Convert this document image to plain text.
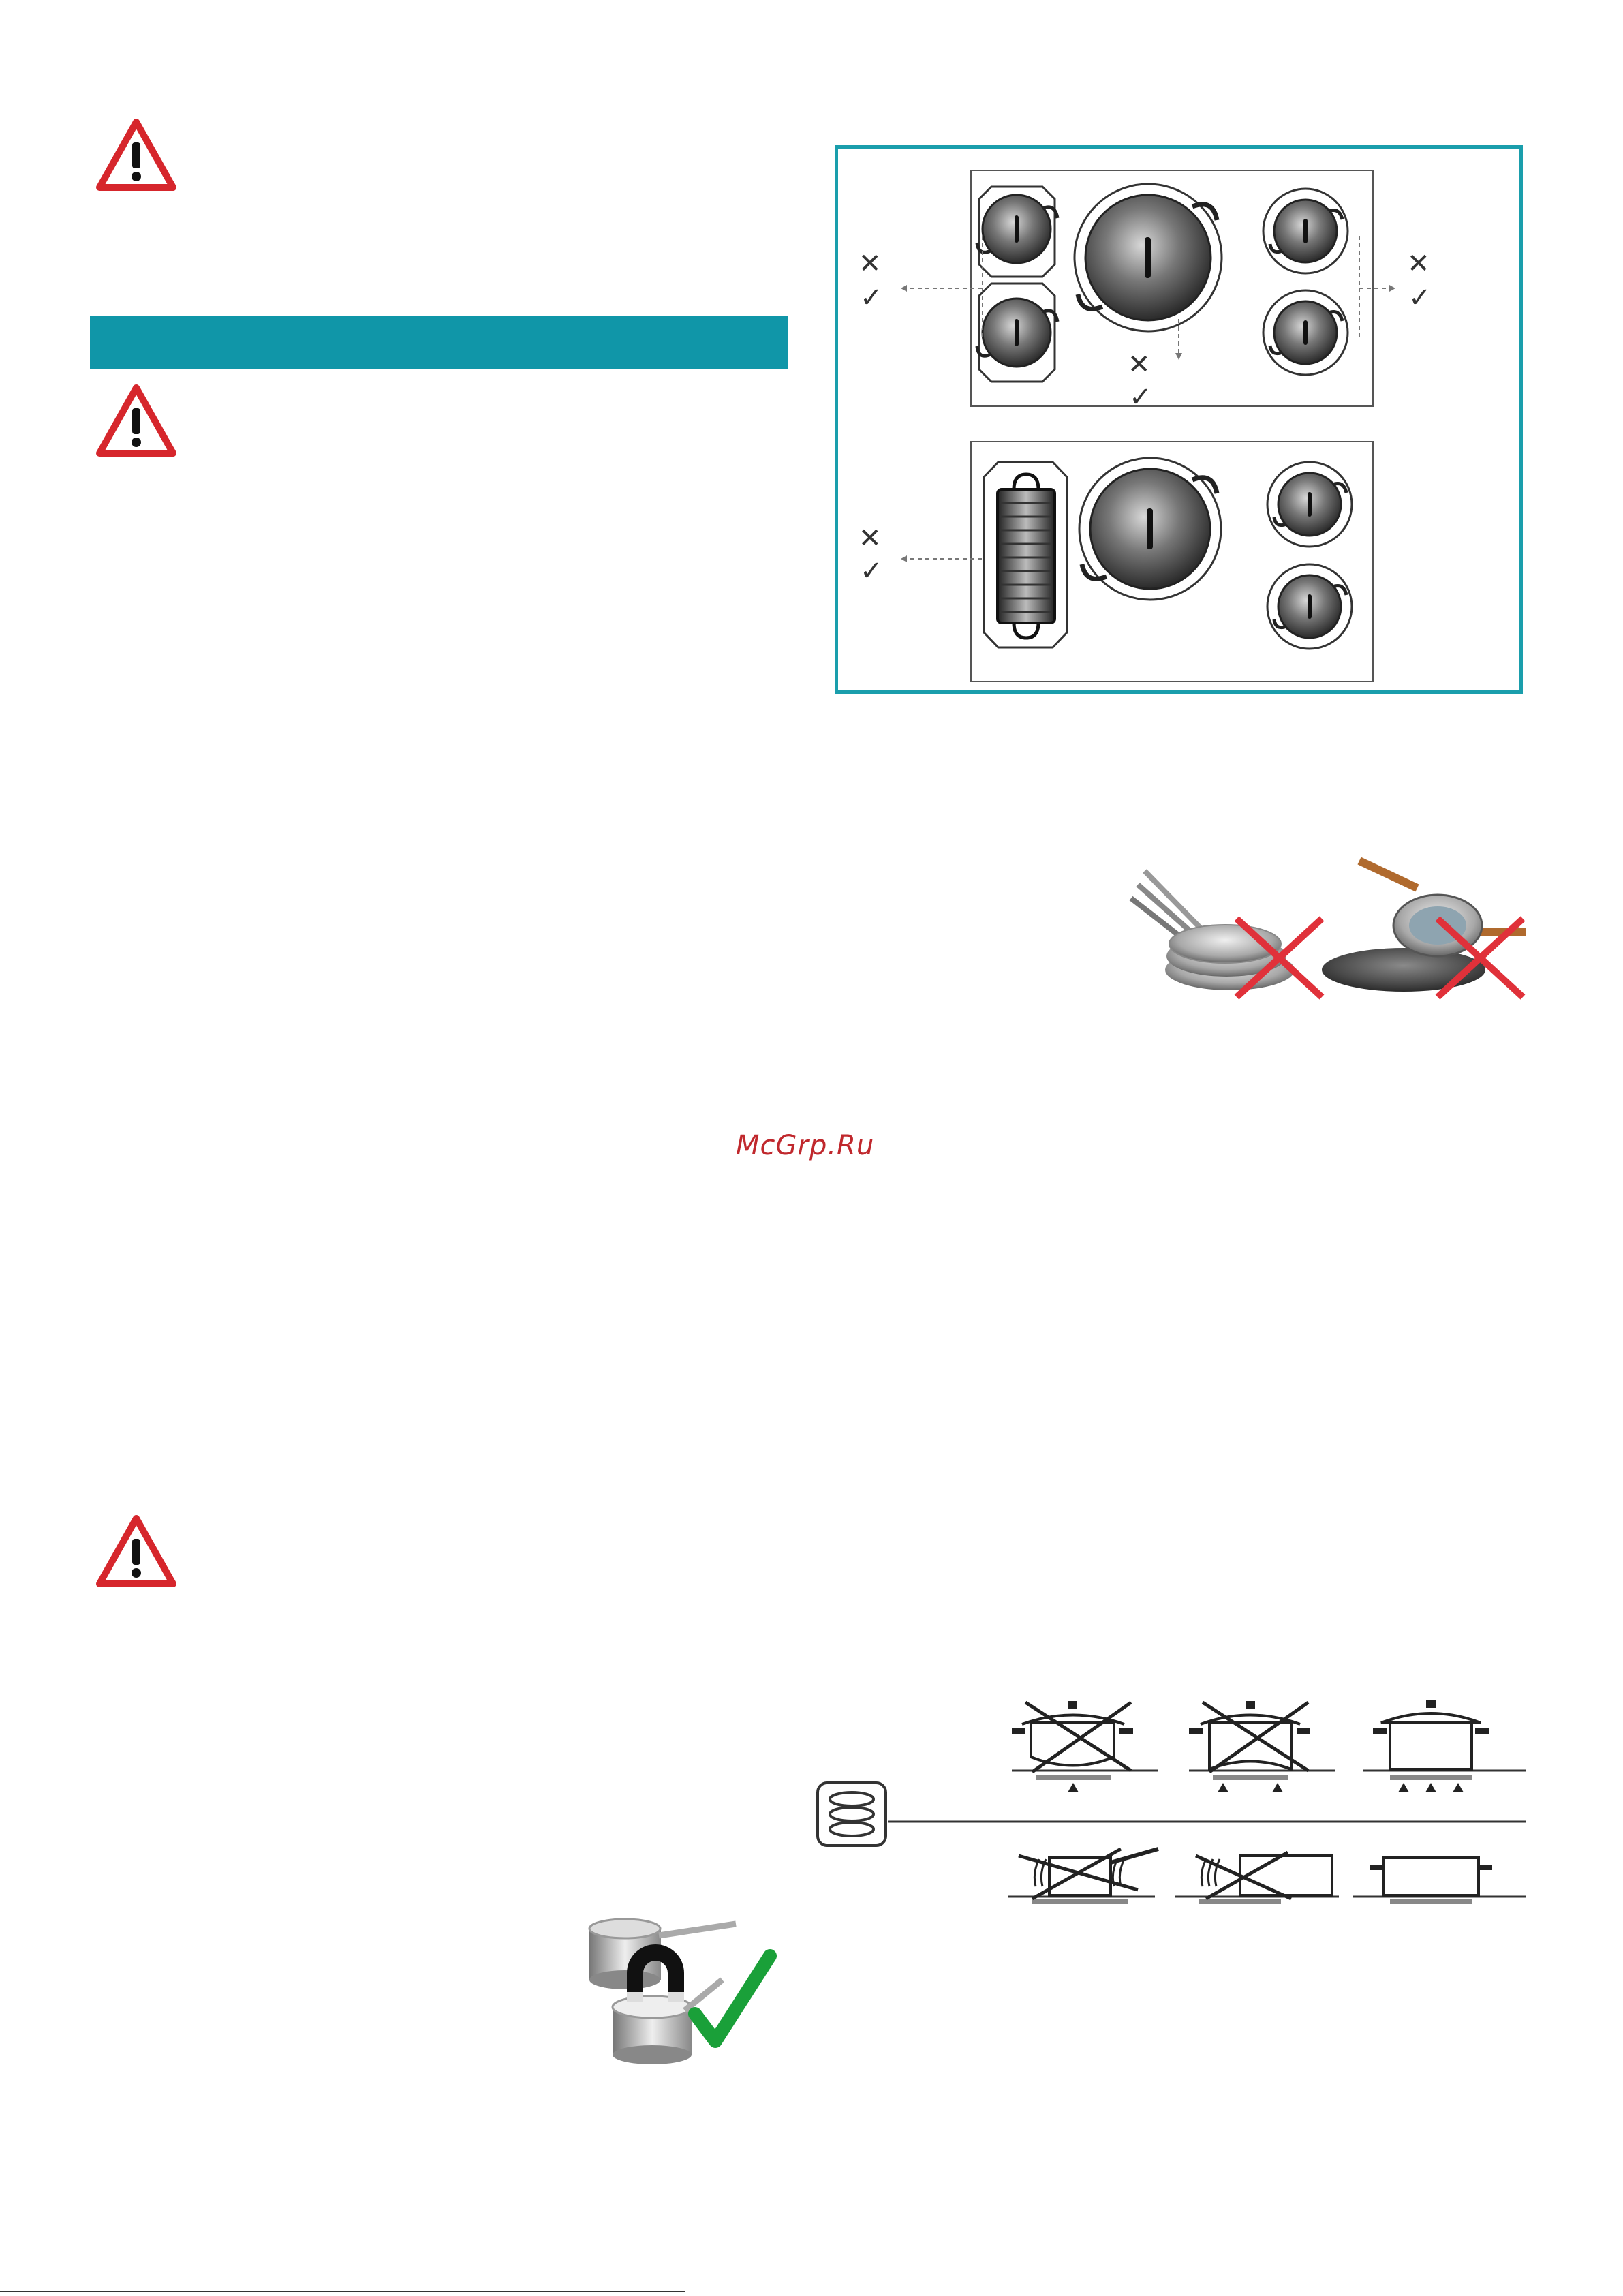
✕
✓
✕
✓
✕
✓
✕
✓
McGrp.Ru
